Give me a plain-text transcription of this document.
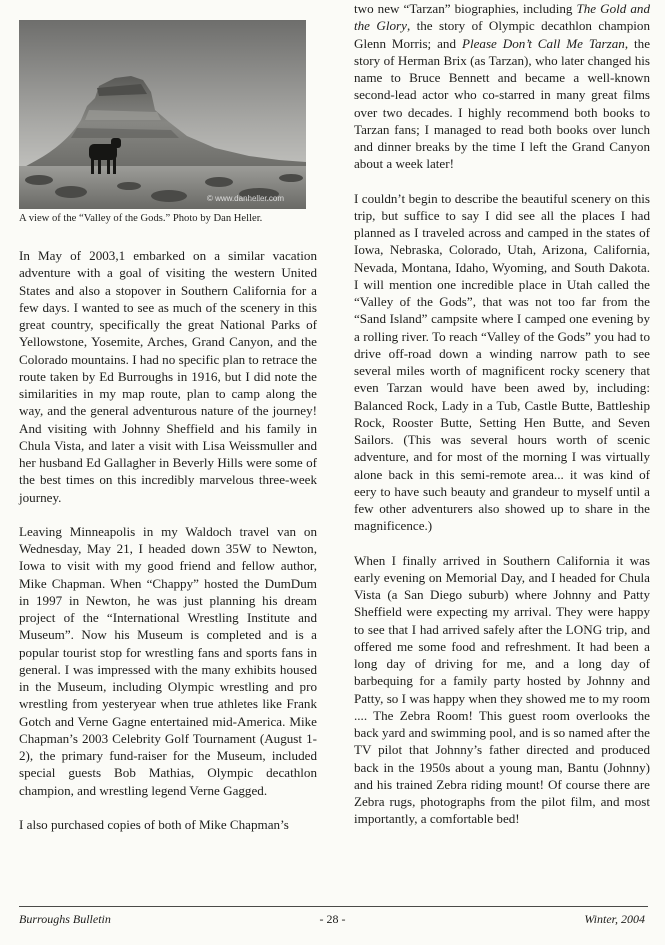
© www.danheller.com
A view of the “Valley of the Gods.” Photo by Dan Heller.

In May of 2003,1 embarked on a similar vacation adventure with a goal of visiting the western United States and also a stopover in Southern California for a few days. I wanted to see as much of the scenery in this great country, specifically the great National Parks of Yellowstone, Yosemite, Arches, Grand Canyon, and the Colorado mountains. I had no specific plan to retrace the route taken by Ed Burroughs in 1916, but I did note the similarities in my map route, plan to camp along the way, and the general adventurous nature of the journey! And visiting with Johnny Sheffield and his family in Chula Vista, and later a visit with Lisa Weissmuller and her husband Ed Gallagher in Beverly Hills were some of the best times on this incredibly marvelous three-week journey.

Leaving Minneapolis in my Waldoch travel van on Wednesday, May 21, I headed down 35W to Newton, Iowa to visit with my good friend and fellow author, Mike Chapman. When “Chappy” hosted the DumDum in 1997 in Newton, he was just planning his dream project of the “International Wrestling Institute and Museum”. Now his Museum is completed and is a popular tourist stop for wrestling fans and sports fans in general. I was impressed with the many exhibits housed in the Museum, including Olympic wrestling and pro wrestling from yesteryear when true athletes like Frank Gotch and Verne Gagne entertained mid-America. Mike Chapman’s 2003 Celebrity Golf Tournament (August 1-2), the primary fund-raiser for the Museum, included special guests Bob Mathias, Olympic decathlon champion, and wrestling legend Verne Gagged.

I also purchased copies of both of Mike Chapman’s

two new “Tarzan” biographies, including The Gold and the Glory, the story of Olympic decathlon champion Glenn Morris; and Please Don’t Call Me Tarzan, the story of Herman Brix (as Tarzan), who later changed his name to Bruce Bennett and became a well-known second-lead actor who co-starred in many great films over two decades. I highly recommend both books to Tarzan fans; I managed to read both books over lunch and dinner breaks by the time I left the Grand Canyon about a week later!

I couldn’t begin to describe the beautiful scenery on this trip, but suffice to say I did see all the places I had planned as I traveled across and camped in the states of Iowa, Nebraska, Colorado, Utah, Arizona, California, Nevada, Montana, Idaho, Wyoming, and South Dakota. I will mention one incredible place in Utah called the “Valley of the Gods”, that was not too far from the “Sand Island” campsite where I camped one evening by a rolling river. To reach “Valley of the Gods” you had to drive off-road down a winding narrow path to see several miles worth of magnificent rocky scenery that even Tarzan would have been awed by, including: Balanced Rock, Lady in a Tub, Castle Butte, Battleship Rock, Rooster Butte, Setting Hen Butte, and Seven Sailors. (This was several hours worth of scenic adventure, and for most of the morning I was virtually alone back in this semi-remote area... it was kind of eery to have such beauty and grandeur to myself until a few other adventurers also showed up to share in the magnificence.)

When I finally arrived in Southern California it was early evening on Memorial Day, and I headed for Chula Vista (a San Diego suburb) where Johnny and Patty Sheffield were expecting my arrival. They were happy to see that I had arrived safely after the LONG trip, and offered me some food and refreshment. It had been a long day of driving for me, and a long day of barbequing for a family party hosted by Johnny and Patty, so I was happy when they showed me to my room .... The Zebra Room! This guest room overlooks the back yard and swimming pool, and is so named after the TV pilot that Johnny’s father directed and produced back in the 1950s about a young man, Bantu (Johnny) and his trained Zebra riding mount! Of course there are Zebra rugs, photographs from the pilot film, and most importantly, a comfortable bed!

Burroughs Bulletin	- 28 -	Winter, 2004
